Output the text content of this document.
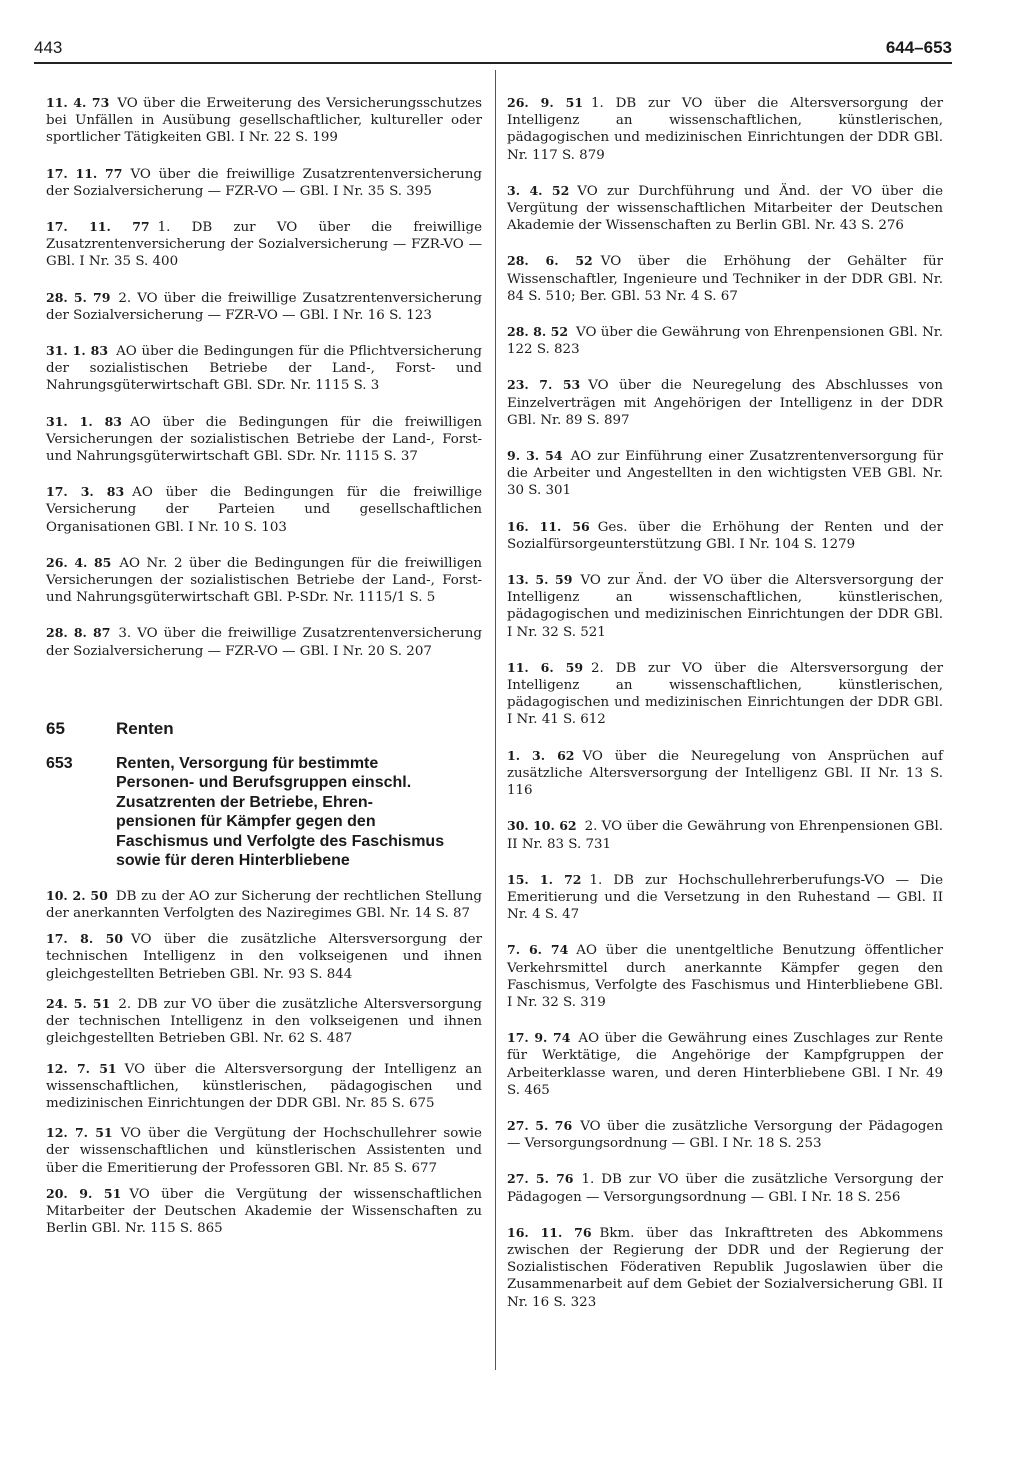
443	644–653

11. 4. 73 VO über die Erweiterung des Versicherungsschutzes bei Unfällen in Ausübung gesellschaftlicher, kultureller oder sportlicher Tätigkeiten GBl. I Nr. 22 S. 199

17. 11. 77 VO über die freiwillige Zusatzrentenversicherung der Sozialversicherung — FZR-VO — GBl. I Nr. 35 S. 395

17. 11. 77 1. DB zur VO über die freiwillige Zusatzrentenversicherung der Sozialversicherung — FZR-VO — GBl. I Nr. 35 S. 400

28. 5. 79 2. VO über die freiwillige Zusatzrentenversicherung der Sozialversicherung — FZR-VO — GBl. I Nr. 16 S. 123

31. 1. 83 AO über die Bedingungen für die Pflichtversicherung der sozialistischen Betriebe der Land-, Forst- und Nahrungsgüterwirtschaft GBl. SDr. Nr. 1115 S. 3

31. 1. 83 AO über die Bedingungen für die freiwilligen Versicherungen der sozialistischen Betriebe der Land-, Forst- und Nahrungsgüterwirtschaft GBl. SDr. Nr. 1115 S. 37

17. 3. 83 AO über die Bedingungen für die freiwillige Versicherung der Parteien und gesellschaftlichen Organisationen GBl. I Nr. 10 S. 103

26. 4. 85 AO Nr. 2 über die Bedingungen für die freiwilligen Versicherungen der sozialistischen Betriebe der Land-, Forst- und Nahrungsgüterwirtschaft GBl. P-SDr. Nr. 1115/1 S. 5

28. 8. 87 3. VO über die freiwillige Zusatzrentenversicherung der Sozialversicherung — FZR-VO — GBl. I Nr. 20 S. 207

65	Renten
653	Renten, Versorgung für bestimmte
Personen- und Berufsgruppen einschl.
Zusatzrenten der Betriebe, Ehren-
pensionen für Kämpfer gegen den
Faschismus und Verfolgte des Faschismus
sowie für deren Hinterbliebene

10. 2. 50 DB zu der AO zur Sicherung der rechtlichen Stellung der anerkannten Verfolgten des Naziregimes GBl. Nr. 14 S. 87

17. 8. 50 VO über die zusätzliche Altersversorgung der technischen Intelligenz in den volkseigenen und ihnen gleichgestellten Betrieben GBl. Nr. 93 S. 844

24. 5. 51 2. DB zur VO über die zusätzliche Altersversorgung der technischen Intelligenz in den volkseigenen und ihnen gleichgestellten Betrieben GBl. Nr. 62 S. 487

12. 7. 51 VO über die Altersversorgung der Intelligenz an wissenschaftlichen, künstlerischen, pädagogischen und medizinischen Einrichtungen der DDR GBl. Nr. 85 S. 675

12. 7. 51 VO über die Vergütung der Hochschullehrer sowie der wissenschaftlichen und künstlerischen Assistenten und über die Emeritierung der Professoren GBl. Nr. 85 S. 677

20. 9. 51 VO über die Vergütung der wissenschaftlichen Mitarbeiter der Deutschen Akademie der Wissenschaften zu Berlin GBl. Nr. 115 S. 865

26. 9. 51 1. DB zur VO über die Altersversorgung der Intelligenz an wissenschaftlichen, künstlerischen, pädagogischen und medizinischen Einrichtungen der DDR GBl. Nr. 117 S. 879

3. 4. 52 VO zur Durchführung und Änd. der VO über die Vergütung der wissenschaftlichen Mitarbeiter der Deutschen Akademie der Wissenschaften zu Berlin GBl. Nr. 43 S. 276

28. 6. 52 VO über die Erhöhung der Gehälter für Wissenschaftler, Ingenieure und Techniker in der DDR GBl. Nr. 84 S. 510; Ber. GBl. 53 Nr. 4 S. 67

28. 8. 52 VO über die Gewährung von Ehrenpensionen GBl. Nr. 122 S. 823

23. 7. 53 VO über die Neuregelung des Abschlusses von Einzelverträgen mit Angehörigen der Intelligenz in der DDR GBl. Nr. 89 S. 897

9. 3. 54 AO zur Einführung einer Zusatzrentenversorgung für die Arbeiter und Angestellten in den wichtigsten VEB GBl. Nr. 30 S. 301

16. 11. 56 Ges. über die Erhöhung der Renten und der Sozialfürsorgeunterstützung GBl. I Nr. 104 S. 1279

13. 5. 59 VO zur Änd. der VO über die Altersversorgung der Intelligenz an wissenschaftlichen, künstlerischen, pädagogischen und medizinischen Einrichtungen der DDR GBl. I Nr. 32 S. 521

11. 6. 59 2. DB zur VO über die Altersversorgung der Intelligenz an wissenschaftlichen, künstlerischen, pädagogischen und medizinischen Einrichtungen der DDR GBl. I Nr. 41 S. 612

1. 3. 62 VO über die Neuregelung von Ansprüchen auf zusätzliche Altersversorgung der Intelligenz GBl. II Nr. 13 S. 116

30. 10. 62 2. VO über die Gewährung von Ehrenpensionen GBl. II Nr. 83 S. 731

15. 1. 72 1. DB zur Hochschullehrerberufungs-VO — Die Emeritierung und die Versetzung in den Ruhestand — GBl. II Nr. 4 S. 47

7. 6. 74 AO über die unentgeltliche Benutzung öffentlicher Verkehrsmittel durch anerkannte Kämpfer gegen den Faschismus, Verfolgte des Faschismus und Hinterbliebene GBl. I Nr. 32 S. 319

17. 9. 74 AO über die Gewährung eines Zuschlages zur Rente für Werktätige, die Angehörige der Kampfgruppen der Arbeiterklasse waren, und deren Hinterbliebene GBl. I Nr. 49 S. 465

27. 5. 76 VO über die zusätzliche Versorgung der Pädagogen — Versorgungsordnung — GBl. I Nr. 18 S. 253

27. 5. 76 1. DB zur VO über die zusätzliche Versorgung der Pädagogen — Versorgungsordnung — GBl. I Nr. 18 S. 256

16. 11. 76 Bkm. über das Inkrafttreten des Abkommens zwischen der Regierung der DDR und der Regierung der Sozialistischen Föderativen Republik Jugoslawien über die Zusammenarbeit auf dem Gebiet der Sozialversicherung GBl. II Nr. 16 S. 323
